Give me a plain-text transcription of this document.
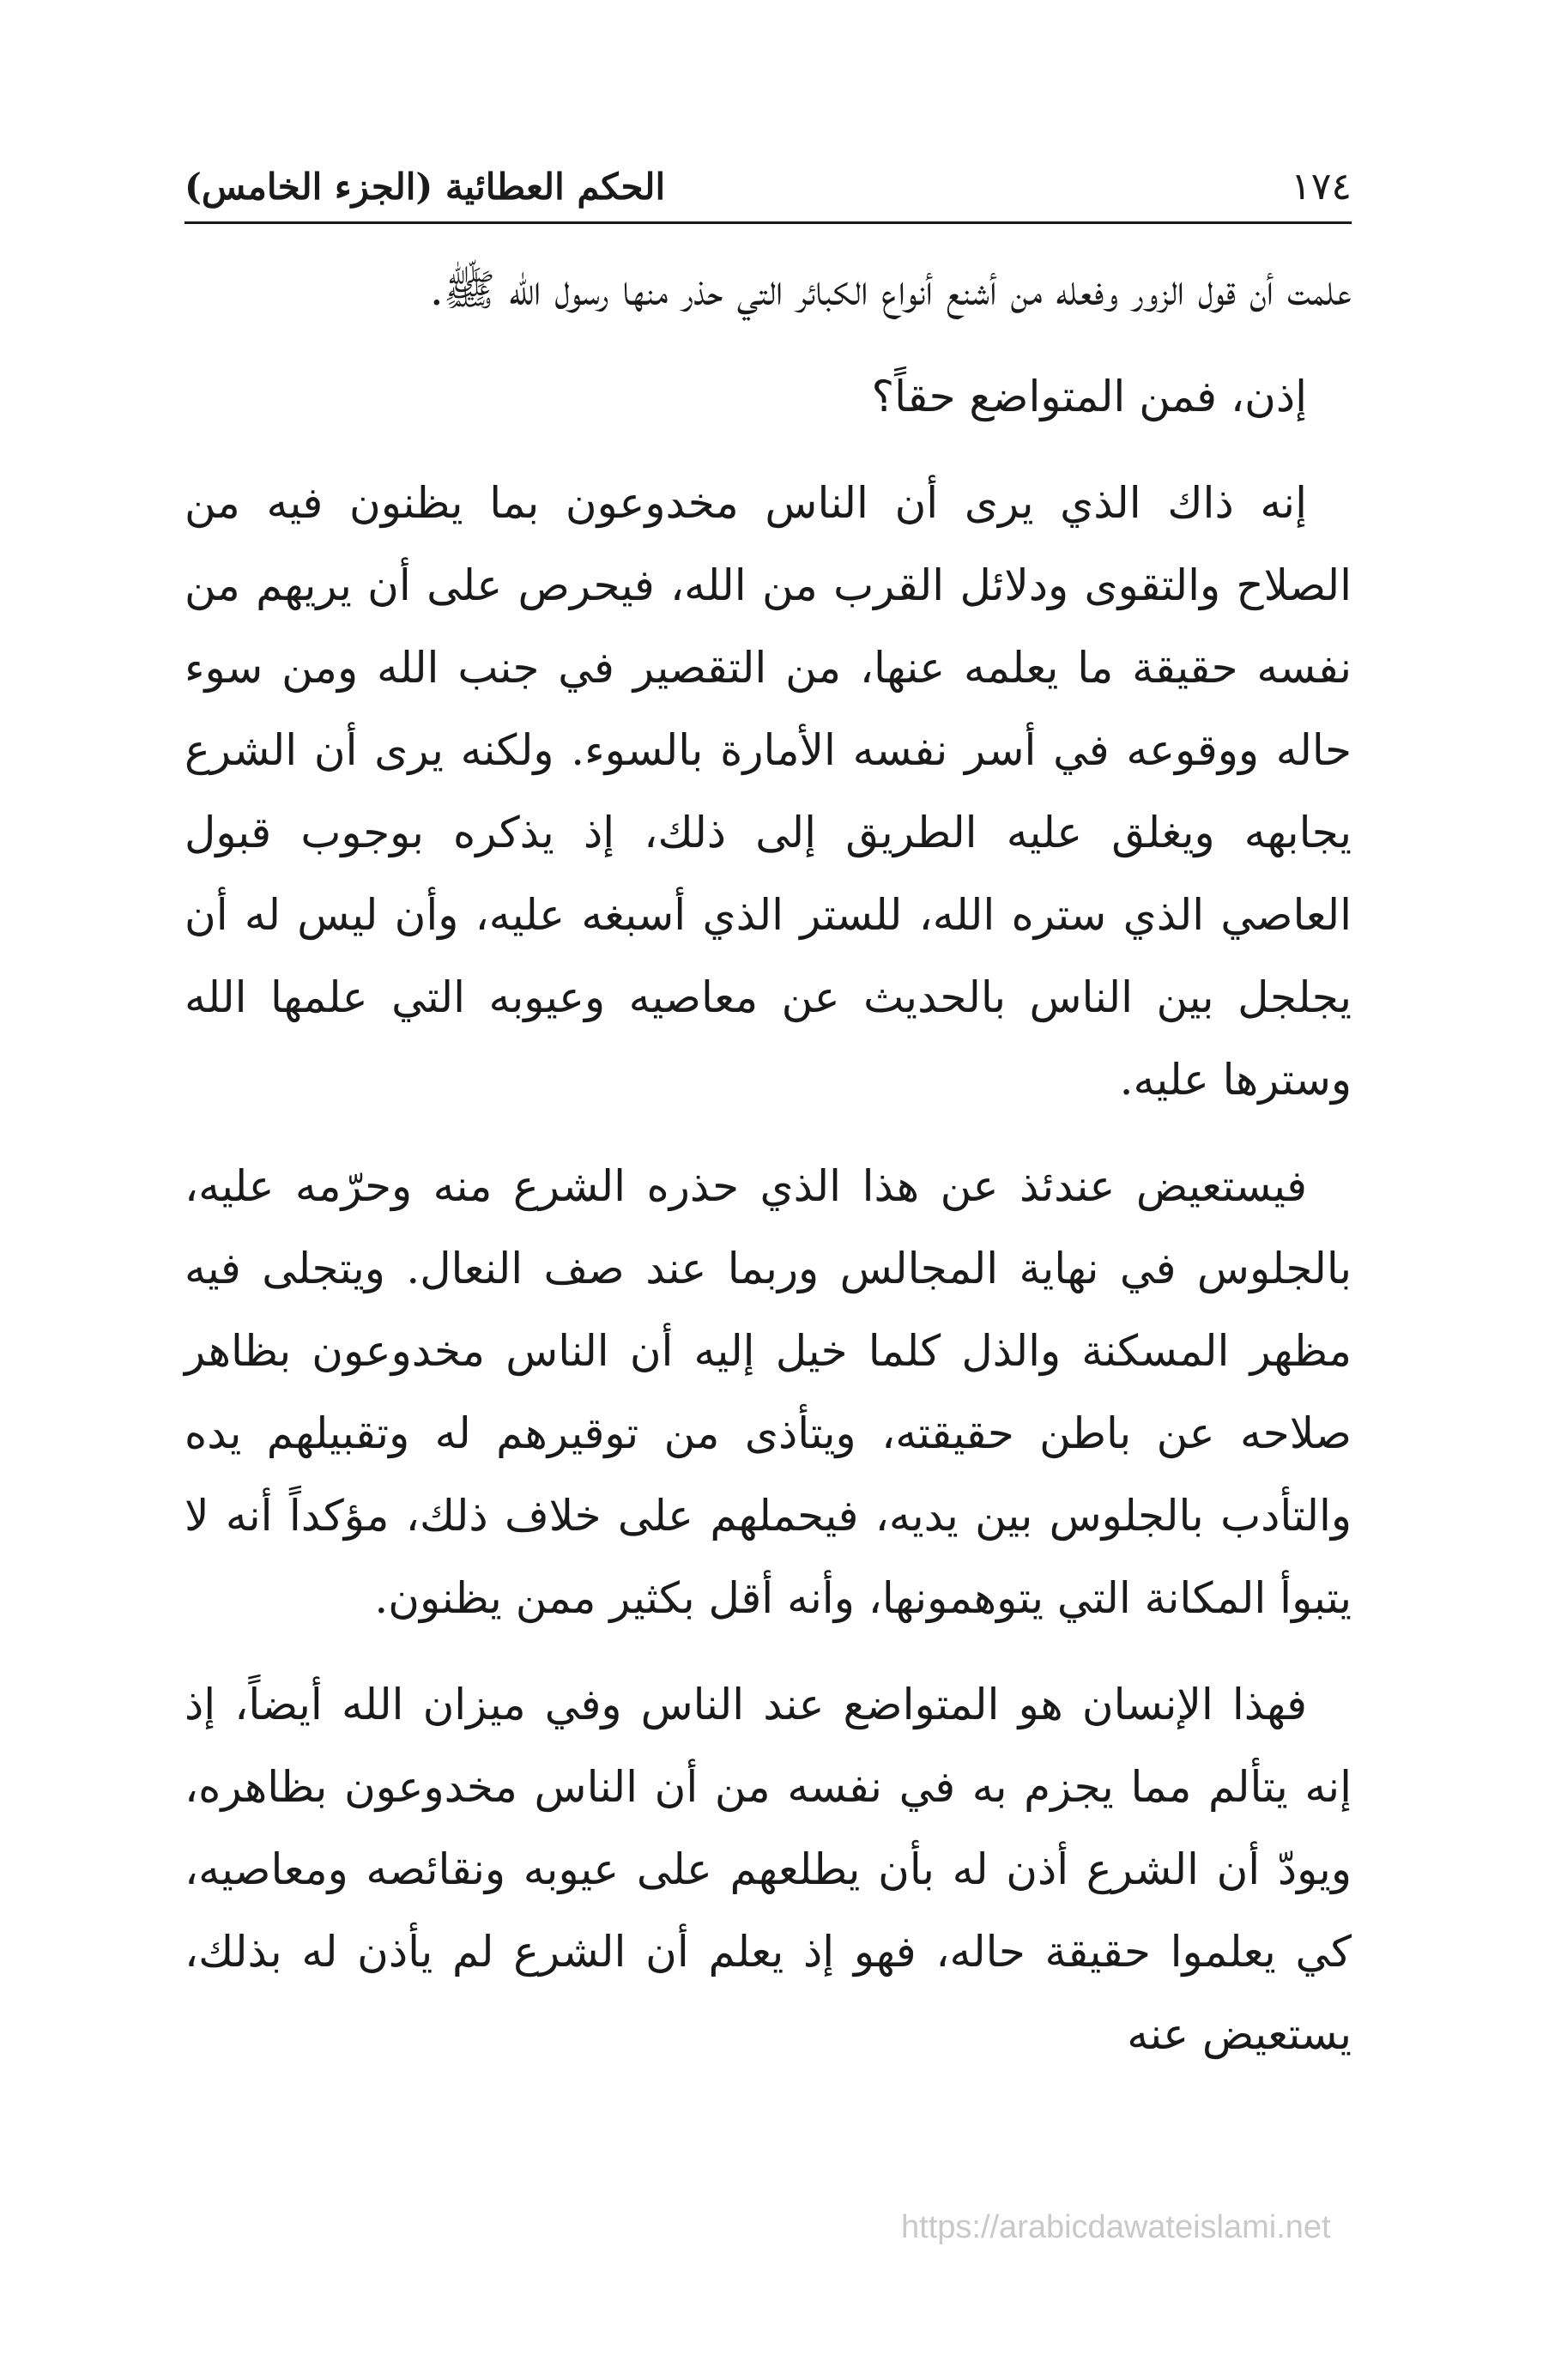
١٧٤
الحكم العطائية (الجزء الخامس)

علمت أن قول الزور وفعله من أشنع أنواع الكبائر التي حذر منها رسول الله ﷺ.

إذن، فمن المتواضع حقاً؟

إنه ذاك الذي يرى أن الناس مخدوعون بما يظنون فيه من الصلاح والتقوى ودلائل القرب من الله، فيحرص على أن يريهم من نفسه حقيقة ما يعلمه عنها، من التقصير في جنب الله ومن سوء حاله ووقوعه في أسر نفسه الأمارة بالسوء. ولكنه يرى أن الشرع يجابهه ويغلق عليه الطريق إلى ذلك، إذ يذكره بوجوب قبول العاصي الذي ستره الله، للستر الذي أسبغه عليه، وأن ليس له أن يجلجل بين الناس بالحديث عن معاصيه وعيوبه التي علمها الله وسترها عليه.

فيستعيض عندئذ عن هذا الذي حذره الشرع منه وحرّمه عليه، بالجلوس في نهاية المجالس وربما عند صف النعال. ويتجلى فيه مظهر المسكنة والذل كلما خيل إليه أن الناس مخدوعون بظاهر صلاحه عن باطن حقيقته، ويتأذى من توقيرهم له وتقبيلهم يده والتأدب بالجلوس بين يديه، فيحملهم على خلاف ذلك، مؤكداً أنه لا يتبوأ المكانة التي يتوهمونها، وأنه أقل بكثير ممن يظنون.

فهذا الإنسان هو المتواضع عند الناس وفي ميزان الله أيضاً، إذ إنه يتألم مما يجزم به في نفسه من أن الناس مخدوعون بظاهره، ويودّ أن الشرع أذن له بأن يطلعهم على عيوبه ونقائصه ومعاصيه، كي يعلموا حقيقة حاله، فهو إذ يعلم أن الشرع لم يأذن له بذلك، يستعيض عنه

https://arabicdawateislami.net
